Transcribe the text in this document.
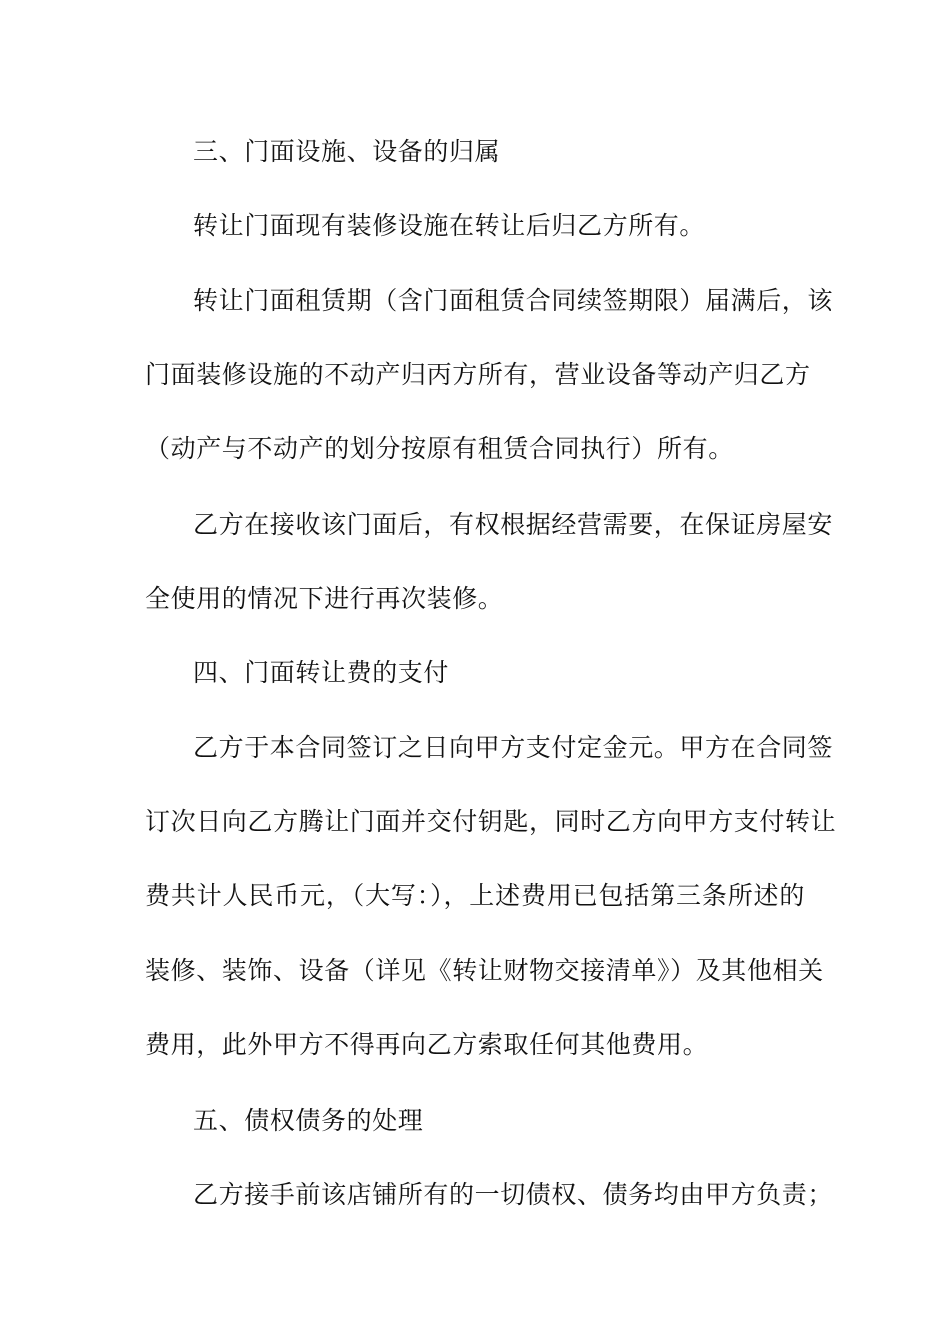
三、门面设施、设备的归属
转让门面现有装修设施在转让后归乙方所有。
转让门面租赁期（含门面租赁合同续签期限）届满后，该
门面装修设施的不动产归丙方所有，营业设备等动产归乙方
（动产与不动产的划分按原有租赁合同执行）所有。
乙方在接收该门面后，有权根据经营需要，在保证房屋安
全使用的情况下进行再次装修。
四、门面转让费的支付
乙方于本合同签订之日向甲方支付定金元。甲方在合同签
订次日向乙方腾让门面并交付钥匙，同时乙方向甲方支付转让
费共计人民币元，（大写：），上述费用已包括第三条所述的
装修、装饰、设备（详见《转让财物交接清单》）及其他相关
费用，此外甲方不得再向乙方索取任何其他费用。
五、债权债务的处理
乙方接手前该店铺所有的一切债权、债务均由甲方负责；
